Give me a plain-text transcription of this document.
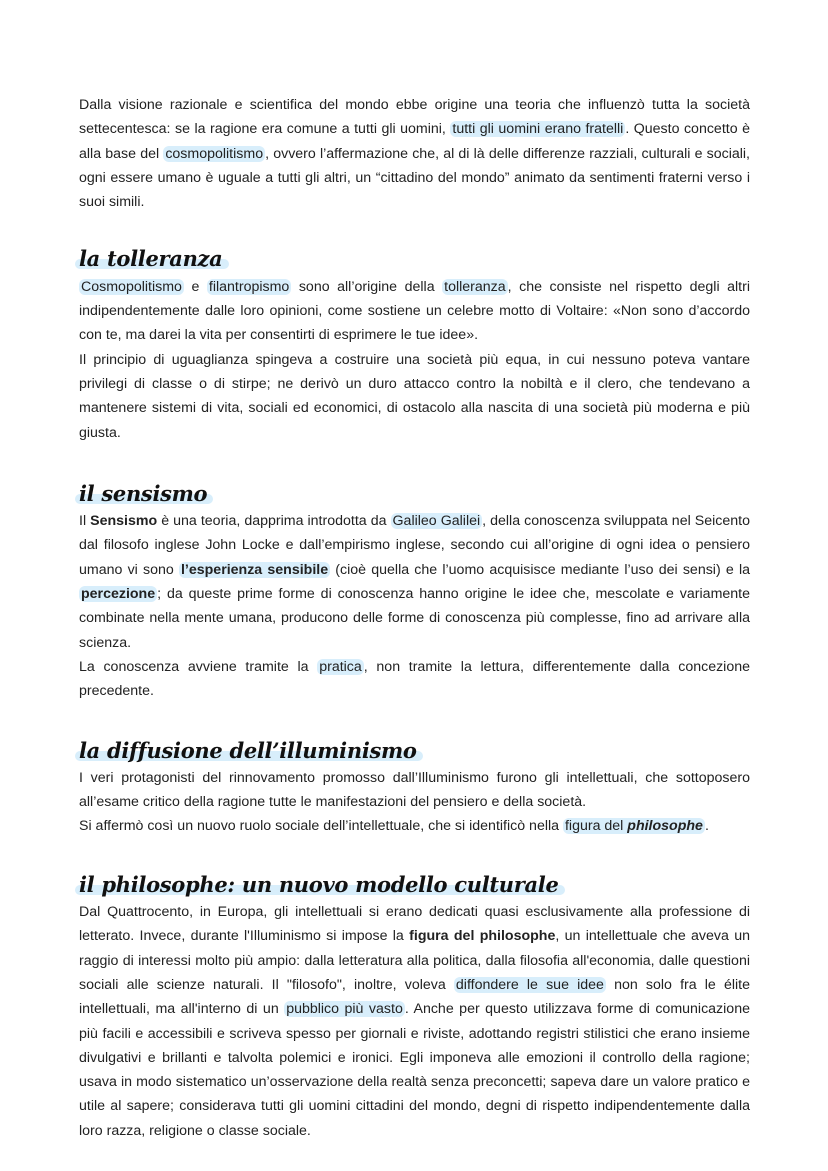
Dalla visione razionale e scientifica del mondo ebbe origine una teoria che influenzò tutta la società settecentesca: se la ragione era comune a tutti gli uomini, tutti gli uomini erano fratelli . Questo concetto è alla base del cosmopolitismo , ovvero l’affermazione che, al di là delle differenze razziali, culturali e sociali, ogni essere umano è uguale a tutti gli altri, un “cittadino del mondo” animato da sentimenti fraterni verso i suoi simili.

la tolleranza

Cosmopolitismo e filantropismo sono all’origine della tolleranza , che consiste nel rispetto degli altri indipendentemente dalle loro opinioni, come sostiene un celebre motto di Voltaire: «Non sono d’accordo con te, ma darei la vita per consentirti di esprimere le tue idee».

Il principio di uguaglianza spingeva a costruire una società più equa, in cui nessuno poteva vantare privilegi di classe o di stirpe; ne derivò un duro attacco contro la nobiltà e il clero, che tendevano a mantenere sistemi di vita, sociali ed economici, di ostacolo alla nascita di una società più moderna e più giusta.

il sensismo

Il Sensismo è una teoria, dapprima introdotta da Galileo Galilei , della conoscenza sviluppata nel Seicento dal filosofo inglese John Locke e dall’empirismo inglese, secondo cui all’origine di ogni idea o pensiero umano vi sono l’esperienza sensibile (cioè quella che l’uomo acquisisce mediante l’uso dei sensi) e la percezione ; da queste prime forme di conoscenza hanno origine le idee che, mescolate e variamente combinate nella mente umana, producono delle forme di conoscenza più complesse, fino ad arrivare alla scienza.

La conoscenza avviene tramite la pratica , non tramite la lettura, differentemente dalla concezione precedente.

la diffusione dell’illuminismo

I veri protagonisti del rinnovamento promosso dall’Illuminismo furono gli intellettuali, che sottoposero all’esame critico della ragione tutte le manifestazioni del pensiero e della società.

Si affermò così un nuovo ruolo sociale dell’intellettuale, che si identificò nella figura del philosophe .

il philosophe: un nuovo modello culturale

Dal Quattrocento, in Europa, gli intellettuali si erano dedicati quasi esclusivamente alla professione di letterato. Invece, durante l'Illuminismo si impose la figura del philosophe, un intellettuale che aveva un raggio di interessi molto più ampio: dalla letteratura alla politica, dalla filosofia all'economia, dalle questioni sociali alle scienze naturali. Il "filosofo", inoltre, voleva diffondere le sue idee non solo fra le élite intellettuali, ma all'interno di un pubblico più vasto . Anche per questo utilizzava forme di comunicazione più facili e accessibili e scriveva spesso per giornali e riviste, adottando registri stilistici che erano insieme divulgativi e brillanti e talvolta polemici e ironici. Egli imponeva alle emozioni il controllo della ragione; usava in modo sistematico un’osservazione della realtà senza preconcetti; sapeva dare un valore pratico e utile al sapere; considerava tutti gli uomini cittadini del mondo, degni di rispetto indipendentemente dalla loro razza, religione o classe sociale.
